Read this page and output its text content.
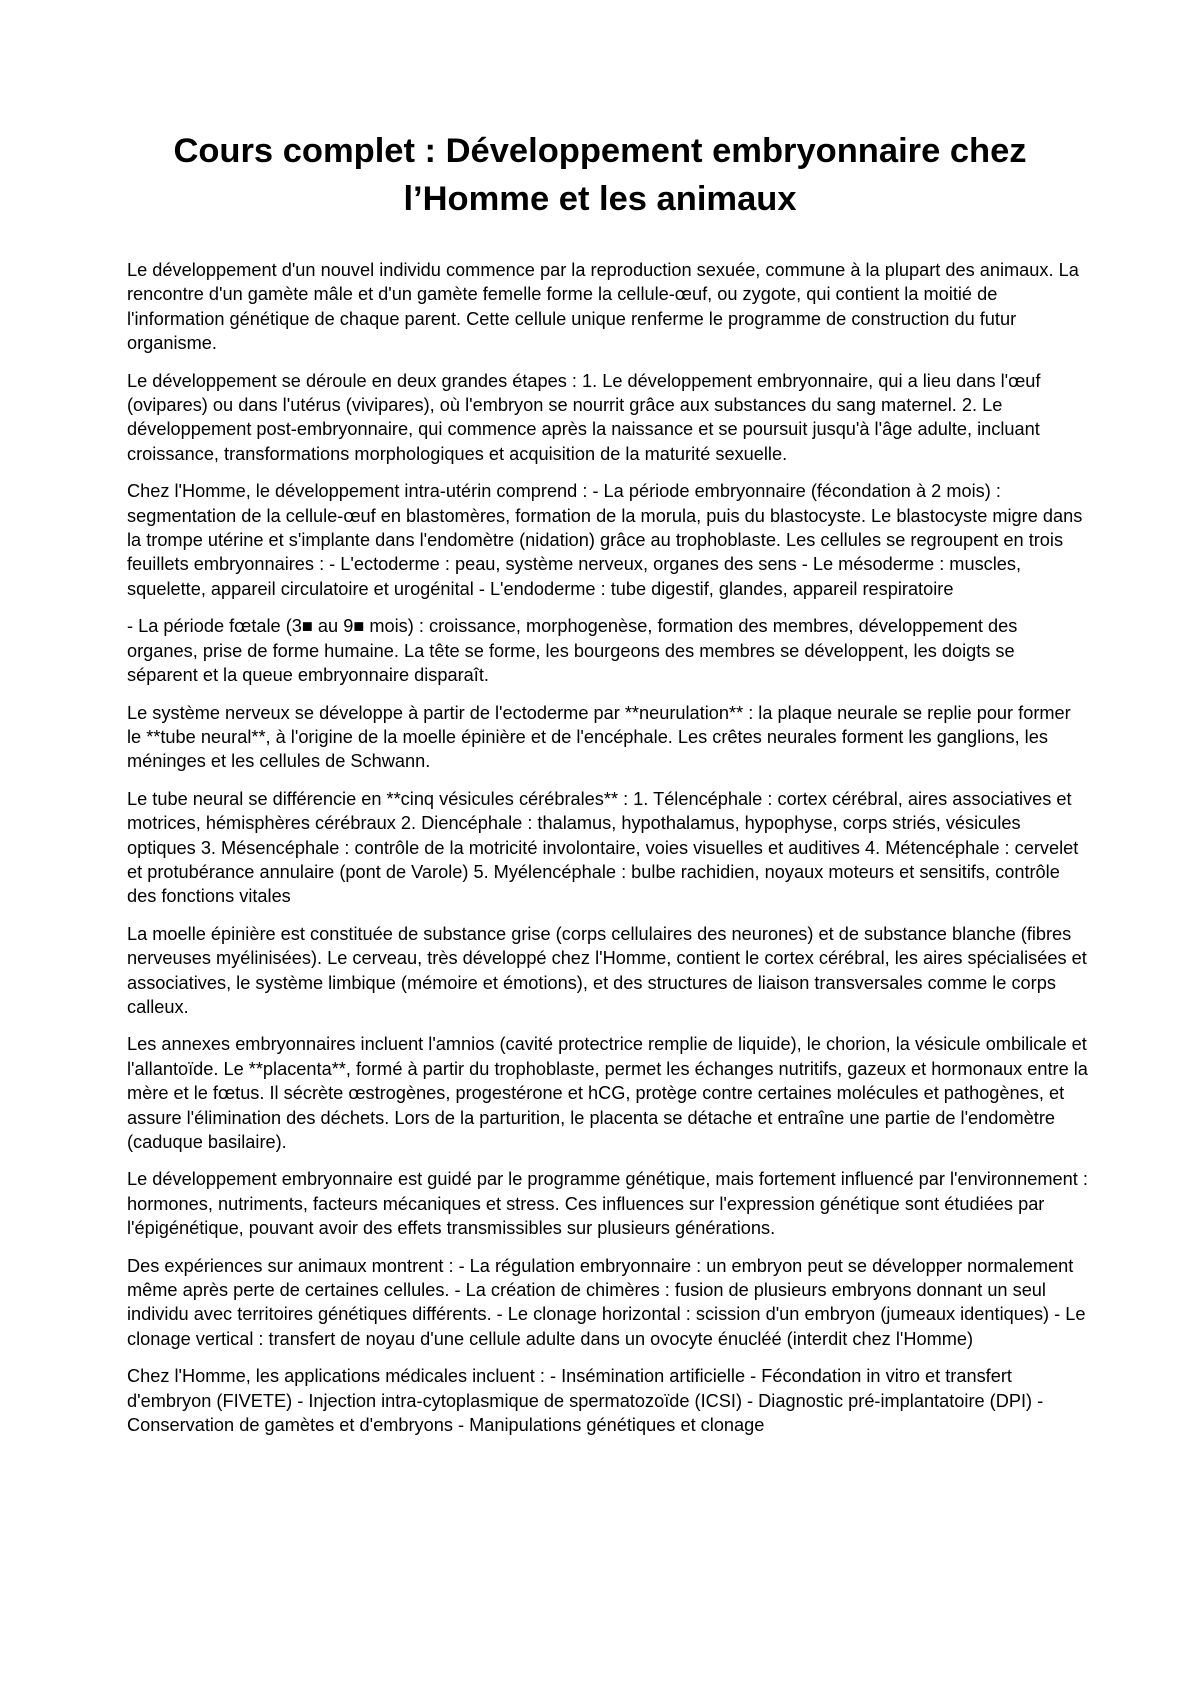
Cours complet : Développement embryonnaire chez l’Homme et les animaux

Le développement d'un nouvel individu commence par la reproduction sexuée, commune à la plupart des animaux. La rencontre d'un gamète mâle et d'un gamète femelle forme la cellule-œuf, ou zygote, qui contient la moitié de l'information génétique de chaque parent. Cette cellule unique renferme le programme de construction du futur organisme.

Le développement se déroule en deux grandes étapes : 1. Le développement embryonnaire, qui a lieu dans l'œuf (ovipares) ou dans l'utérus (vivipares), où l'embryon se nourrit grâce aux substances du sang maternel. 2. Le développement post-embryonnaire, qui commence après la naissance et se poursuit jusqu'à l'âge adulte, incluant croissance, transformations morphologiques et acquisition de la maturité sexuelle.

Chez l'Homme, le développement intra-utérin comprend : - La période embryonnaire (fécondation à 2 mois) : segmentation de la cellule-œuf en blastomères, formation de la morula, puis du blastocyste. Le blastocyste migre dans la trompe utérine et s'implante dans l'endomètre (nidation) grâce au trophoblaste. Les cellules se regroupent en trois feuillets embryonnaires : - L'ectoderme : peau, système nerveux, organes des sens - Le mésoderme : muscles, squelette, appareil circulatoire et urogénital - L'endoderme : tube digestif, glandes, appareil respiratoire

- La période fœtale (3■ au 9■ mois) : croissance, morphogenèse, formation des membres, développement des organes, prise de forme humaine. La tête se forme, les bourgeons des membres se développent, les doigts se séparent et la queue embryonnaire disparaît.

Le système nerveux se développe à partir de l'ectoderme par **neurulation** : la plaque neurale se replie pour former le **tube neural**, à l'origine de la moelle épinière et de l'encéphale. Les crêtes neurales forment les ganglions, les méninges et les cellules de Schwann.

Le tube neural se différencie en **cinq vésicules cérébrales** : 1. Télencéphale : cortex cérébral, aires associatives et motrices, hémisphères cérébraux 2. Diencéphale : thalamus, hypothalamus, hypophyse, corps striés, vésicules optiques 3. Mésencéphale : contrôle de la motricité involontaire, voies visuelles et auditives 4. Métencéphale : cervelet et protubérance annulaire (pont de Varole) 5. Myélencéphale : bulbe rachidien, noyaux moteurs et sensitifs, contrôle des fonctions vitales

La moelle épinière est constituée de substance grise (corps cellulaires des neurones) et de substance blanche (fibres nerveuses myélinisées). Le cerveau, très développé chez l'Homme, contient le cortex cérébral, les aires spécialisées et associatives, le système limbique (mémoire et émotions), et des structures de liaison transversales comme le corps calleux.

Les annexes embryonnaires incluent l'amnios (cavité protectrice remplie de liquide), le chorion, la vésicule ombilicale et l'allantoïde. Le **placenta**, formé à partir du trophoblaste, permet les échanges nutritifs, gazeux et hormonaux entre la mère et le fœtus. Il sécrète œstrogènes, progestérone et hCG, protège contre certaines molécules et pathogènes, et assure l'élimination des déchets. Lors de la parturition, le placenta se détache et entraîne une partie de l'endomètre (caduque basilaire).

Le développement embryonnaire est guidé par le programme génétique, mais fortement influencé par l'environnement : hormones, nutriments, facteurs mécaniques et stress. Ces influences sur l'expression génétique sont étudiées par l'épigénétique, pouvant avoir des effets transmissibles sur plusieurs générations.

Des expériences sur animaux montrent : - La régulation embryonnaire : un embryon peut se développer normalement même après perte de certaines cellules. - La création de chimères : fusion de plusieurs embryons donnant un seul individu avec territoires génétiques différents. - Le clonage horizontal : scission d'un embryon (jumeaux identiques) - Le clonage vertical : transfert de noyau d'une cellule adulte dans un ovocyte énucléé (interdit chez l'Homme)

Chez l'Homme, les applications médicales incluent : - Insémination artificielle - Fécondation in vitro et transfert d'embryon (FIVETE) - Injection intra-cytoplasmique de spermatozoïde (ICSI) - Diagnostic pré-implantatoire (DPI) - Conservation de gamètes et d'embryons - Manipulations génétiques et clonage
